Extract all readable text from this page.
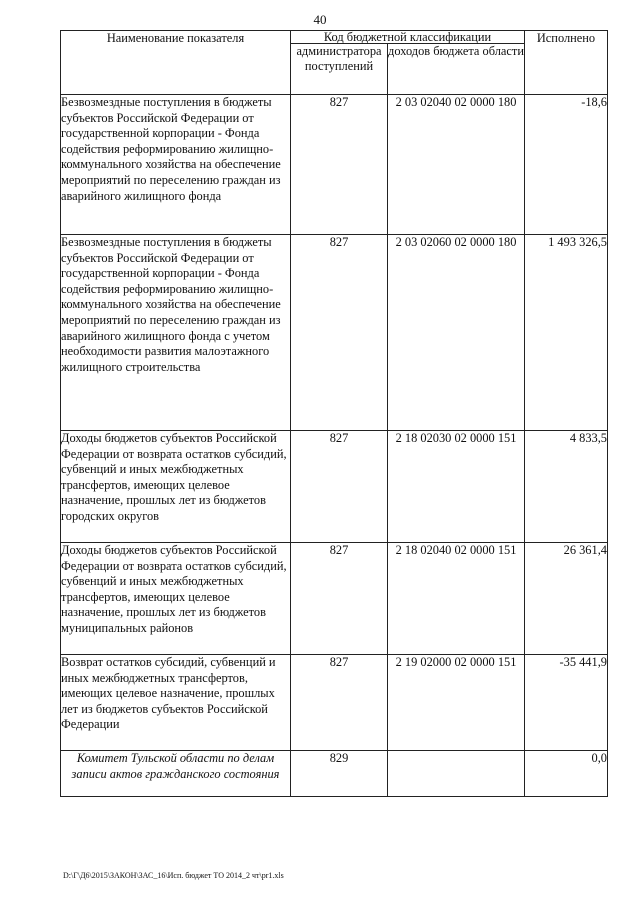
40
Наименование показателя	Код бюджетной классификации		Исполнено
	администратора поступлений	доходов бюджета области	
Безвозмездные поступления в бюджеты субъектов Российской Федерации от государственной корпорации - Фонда содействия реформированию жилищно-коммунального хозяйства на обеспечение мероприятий по переселению граждан из аварийного жилищного фонда	827	2 03 02040 02 0000 180	-18,6
Безвозмездные поступления в бюджеты субъектов Российской Федерации от государственной корпорации - Фонда содействия реформированию жилищно-коммунального хозяйства на обеспечение мероприятий по переселению граждан из аварийного жилищного фонда с учетом необходимости развития малоэтажного жилищного строительства	827	2 03 02060 02 0000 180	1 493 326,5
Доходы бюджетов субъектов Российской Федерации от возврата остатков субсидий, субвенций и иных межбюджетных трансфертов, имеющих целевое назначение, прошлых лет из бюджетов городских округов	827	2 18 02030 02 0000 151	4 833,5
Доходы бюджетов субъектов Российской Федерации от возврата остатков субсидий, субвенций и иных межбюджетных трансфертов, имеющих целевое назначение, прошлых лет из бюджетов муниципальных районов	827	2 18 02040 02 0000 151	26 361,4
Возврат остатков субсидий, субвенций и иных межбюджетных трансфертов, имеющих целевое назначение, прошлых лет из бюджетов субъектов Российской Федерации	827	2 19 02000 02 0000 151	-35 441,9
Комитет Тульской области по делам записи актов гражданского состояния	829		0,0
D:\Г\Д6\2015\ЗАКОН\ЗАС_16\Исп. бюджет ТО 2014_2 чт\pr1.xls
